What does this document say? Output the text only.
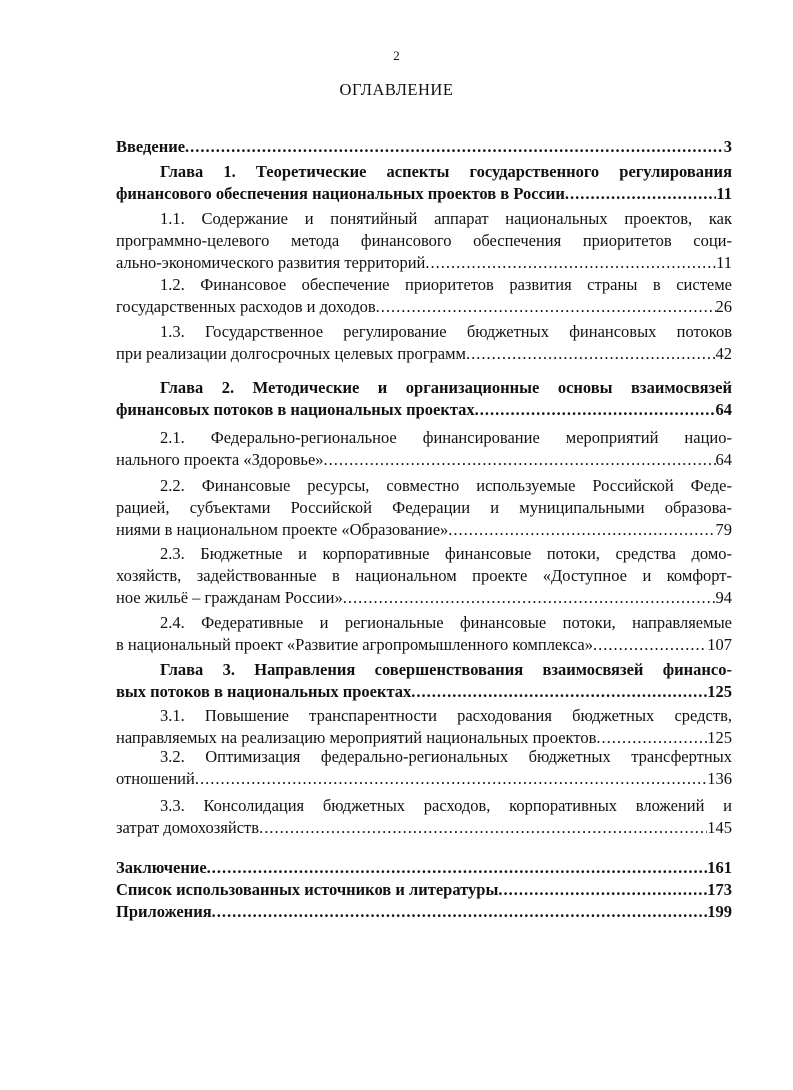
2
ОГЛАВЛЕНИЕ
Введение .....	3
Глава 1. Теоретические аспекты государственного регулирования
финансового обеспечения национальных проектов в России .....	11
1.1. Содержание и понятийный аппарат национальных проектов, как
программно-целевого метода финансового обеспечения приоритетов соци-
ально-экономического развития территорий .....	11
1.2. Финансовое обеспечение приоритетов развития страны в системе
государственных расходов и доходов .....	26
1.3. Государственное регулирование бюджетных финансовых потоков
при реализации долгосрочных целевых программ .....	42
Глава 2. Методические и организационные основы взаимосвязей
финансовых потоков в национальных проектах .....	64
2.1. Федерально-региональное финансирование мероприятий нацио-
нального проекта «Здоровье» .....	64
2.2. Финансовые ресурсы, совместно используемые Российской Феде-
рацией, субъектами Российской Федерации и муниципальными образова-
ниями в национальном проекте «Образование» .....	79
2.3. Бюджетные и корпоративные финансовые потоки, средства домо-
хозяйств, задействованные в национальном проекте «Доступное и комфорт-
ное жильё – гражданам России» .....	94
2.4. Федеративные и региональные финансовые потоки, направляемые
в национальный проект «Развитие агропромышленного комплекса» .....	107
Глава 3. Направления совершенствования взаимосвязей финансо-
вых потоков в национальных проектах .....	125
3.1. Повышение транспарентности расходования бюджетных средств,
направляемых на реализацию мероприятий национальных проектов .....	125
3.2. Оптимизация федерально-региональных бюджетных трансфертных
отношений .....	136
3.3. Консолидация бюджетных расходов, корпоративных вложений и
затрат домохозяйств .....	145
Заключение .....	161
Список использованных источников и литературы .....	173
Приложения .....	199
